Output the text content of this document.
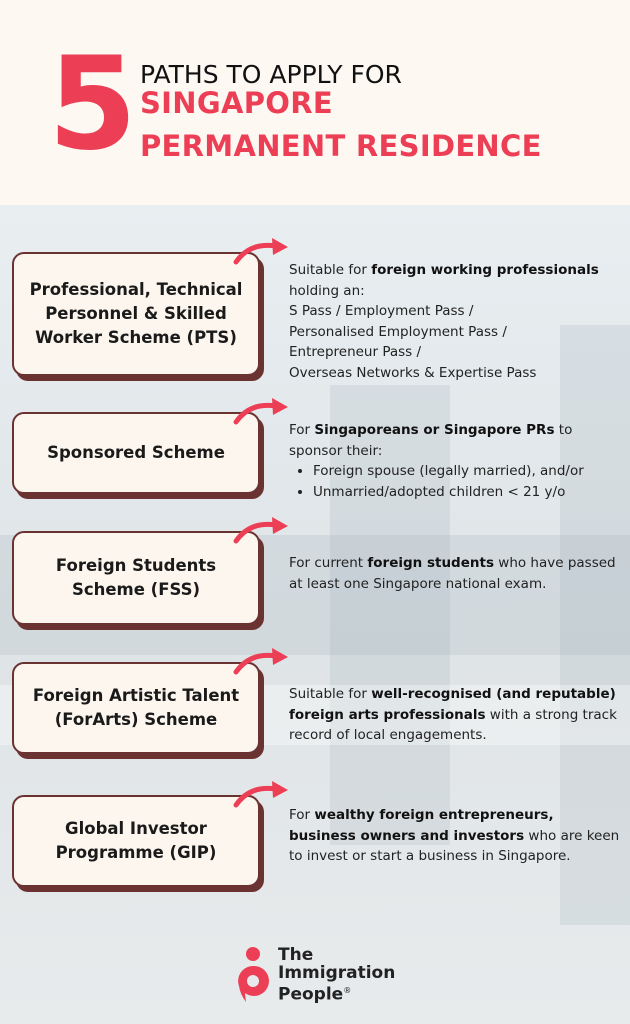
5 PATHS TO APPLY FOR
SINGAPORE
PERMANENT RESIDENCE
Professional, Technical Personnel & Skilled Worker Scheme (PTS)
Suitable for foreign working professionals holding an:
S Pass / Employment Pass /
Personalised Employment Pass /
Entrepreneur Pass /
Overseas Networks & Expertise Pass
Sponsored Scheme
For Singaporeans or Singapore PRs to sponsor their:
• Foreign spouse (legally married), and/or
• Unmarried/adopted children < 21 y/o
Foreign Students Scheme (FSS)
For current foreign students who have passed at least one Singapore national exam.
Foreign Artistic Talent (ForArts) Scheme
Suitable for well-recognised (and reputable) foreign arts professionals with a strong track record of local engagements.
Global Investor Programme (GIP)
For wealthy foreign entrepreneurs, business owners and investors who are keen to invest or start a business in Singapore.
The
Immigration
People®
